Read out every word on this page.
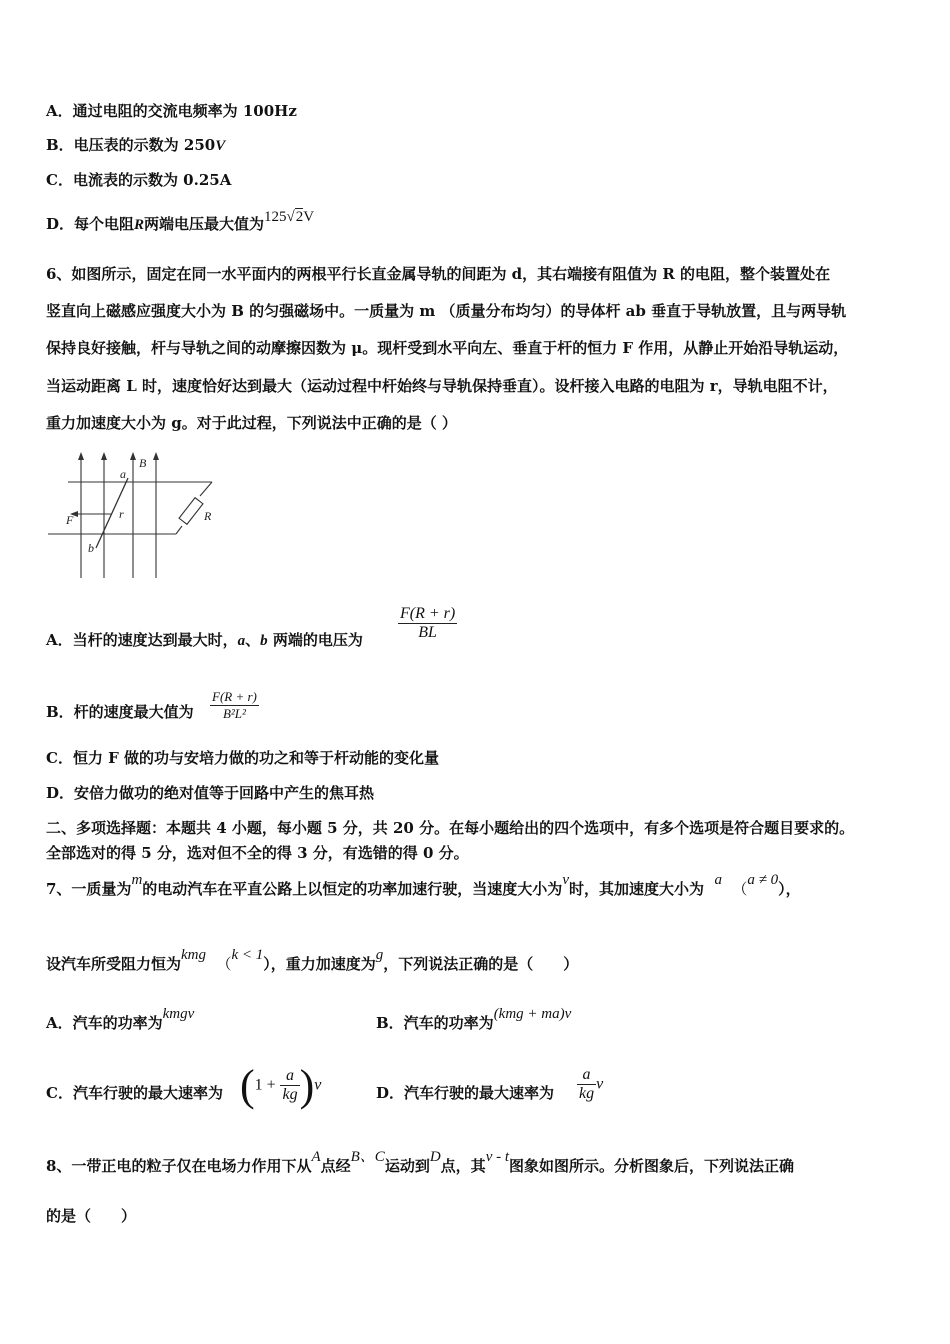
A．通过电阻的交流电频率为 100Hz
B．电压表的示数为 250V
C．电流表的示数为 0.25A
D．每个电阻R两端电压最大值为125√2V
6、如图所示，固定在同一水平面内的两根平行长直金属导轨的间距为 d，其右端接有阻值为 R 的电阻，整个装置处在
竖直向上磁感应强度大小为 B 的匀强磁场中。一质量为 m （质量分布均匀）的导体杆 ab 垂直于导轨放置，且与两导轨
保持良好接触，杆与导轨之间的动摩擦因数为 μ。现杆受到水平向左、垂直于杆的恒力 F 作用，从静止开始沿导轨运动，
当运动距离 L 时，速度恰好达到最大（运动过程中杆始终与导轨保持垂直）。设杆接入电路的电阻为 r，导轨电阻不计，
重力加速度大小为 g。对于此过程，下列说法中正确的是（ ）
a
B
F	r	R
b
A．当杆的速度达到最大时，a、b 两端的电压为 $\frac{F(R + r)}{BL}$
B．杆的速度最大值为 $\frac{F(R + r)}{\text{B²L²}}$
C．恒力 F 做的功与安培力做的功之和等于杆动能的变化量
D．安倍力做功的绝对值等于回路中产生的焦耳热
二、多项选择题：本题共 4 小题，每小题 5 分，共 20 分。在每小题给出的四个选项中，有多个选项是符合题目要求的。
全部选对的得 5 分，选对但不全的得 3 分，有选错的得 0 分。
7、一质量为m的电动汽车在平直公路上以恒定的功率加速行驶，当速度大小为v时，其加速度大小为 a  （a ≠ 0），
设汽车所受阻力恒为kmg  （k < 1），重力加速度为g，下列说法正确的是（　　）
A．汽车的功率为kmgv	B．汽车的功率为(kmg + ma)v
C．汽车行驶的最大速率为 $(1 + \frac{a}{kg} )v$	D．汽车行驶的最大速率为 $\frac{a}{kg}$ v
8、一带正电的粒子仅在电场力作用下从A点经B、C运动到D点，其v - t图象如图所示。分析图象后，下列说法正确
的是（　　）
